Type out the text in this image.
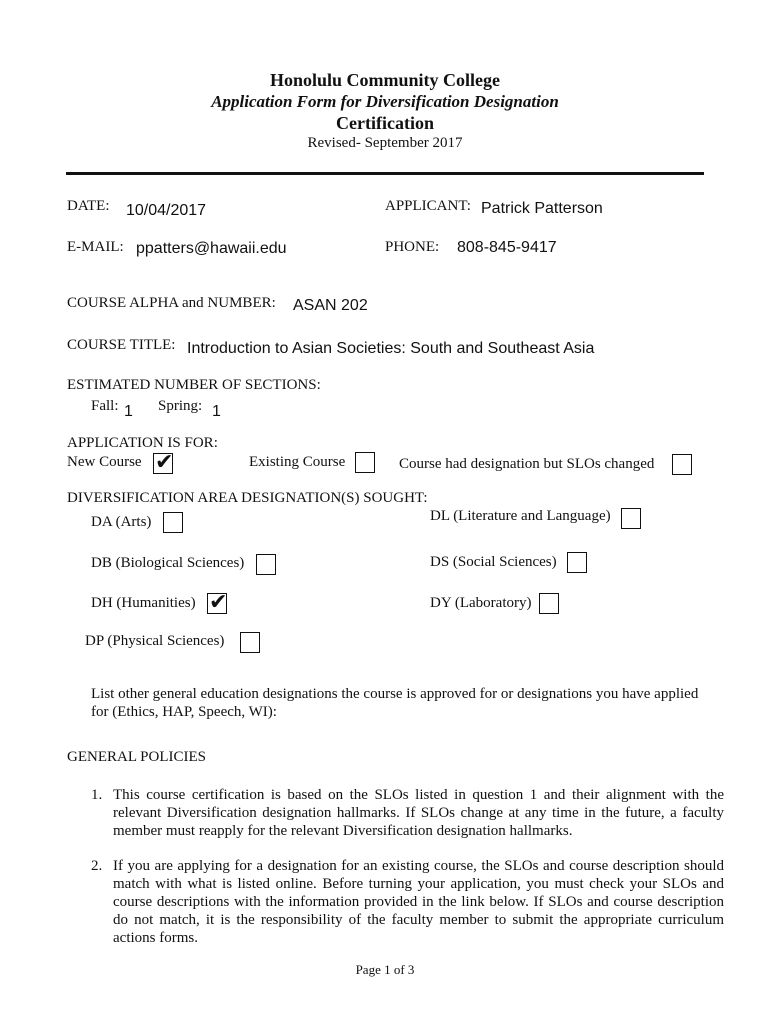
Honolulu Community College
Application Form for Diversification Designation
Certification
Revised- September 2017
DATE: 10/04/2017	APPLICANT: Patrick Patterson
E-MAIL: ppatters@hawaii.edu	PHONE: 808-845-9417
COURSE ALPHA and NUMBER: ASAN 202
COURSE TITLE: Introduction to Asian Societies: South and Southeast Asia
ESTIMATED NUMBER OF SECTIONS:
Fall: 1 Spring: 1
APPLICATION IS FOR:
New Course ✔	Existing Course	Course had designation but SLOs changed
DIVERSIFICATION AREA DESIGNATION(S) SOUGHT:
DA (Arts)	DL (Literature and Language)
DB (Biological Sciences)	DS (Social Sciences)
DH (Humanities) ✔	DY (Laboratory)
DP (Physical Sciences)
List other general education designations the course is approved for or designations you have applied
for (Ethics, HAP, Speech, WI):
GENERAL POLICIES
1. This course certification is based on the SLOs listed in question 1 and their alignment with the relevant Diversification designation hallmarks. If SLOs change at any time in the future, a faculty member must reapply for the relevant Diversification designation hallmarks.
2. If you are applying for a designation for an existing course, the SLOs and course description should match with what is listed online. Before turning your application, you must check your SLOs and course descriptions with the information provided in the link below. If SLOs and course description do not match, it is the responsibility of the faculty member to submit the appropriate curriculum actions forms.
Page 1 of 3
